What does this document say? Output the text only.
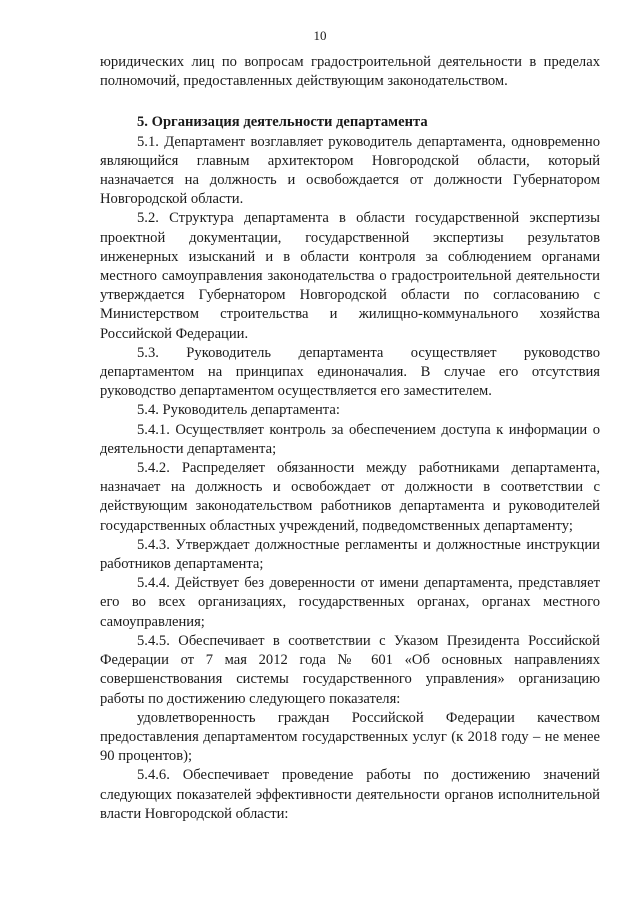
10

юридических лиц по вопросам градостроительной деятельности в пределах полномочий, предоставленных действующим законодательством.

5. Организация деятельности департамента

5.1. Департамент возглавляет руководитель департамента, одновременно являющийся главным архитектором Новгородской области, который назначается на должность и освобождается от должности Губернатором Новгородской области.

5.2. Структура департамента в области государственной экспертизы проектной документации, государственной экспертизы результатов инженерных изысканий и в области контроля за соблюдением органами местного самоуправления законодательства о градостроительной деятельности утверждается Губернатором Новгородской области по согласованию с Министерством строительства и жилищно-коммунального хозяйства Российской Федерации.

5.3. Руководитель департамента осуществляет руководство департаментом на принципах единоначалия. В случае его отсутствия руководство департаментом осуществляется его заместителем.

5.4. Руководитель департамента:

5.4.1. Осуществляет контроль за обеспечением доступа к информации о деятельности департамента;

5.4.2. Распределяет обязанности между работниками департамента, назначает на должность и освобождает от должности в соответствии с действующим законодательством работников департамента и руководителей государственных областных учреждений, подведомственных департаменту;

5.4.3. Утверждает должностные регламенты и должностные инструкции работников департамента;

5.4.4. Действует без доверенности от имени департамента, представляет его во всех организациях, государственных органах, органах местного самоуправления;

5.4.5. Обеспечивает в соответствии с Указом Президента Российской Федерации от 7 мая 2012 года № 601 «Об основных направлениях совершенствования системы государственного управления» организацию работы по достижению следующего показателя:

удовлетворенность граждан Российской Федерации качеством предоставления департаментом государственных услуг (к 2018 году – не менее 90 процентов);

5.4.6. Обеспечивает проведение работы по достижению значений следующих показателей эффективности деятельности органов исполнительной власти Новгородской области:
